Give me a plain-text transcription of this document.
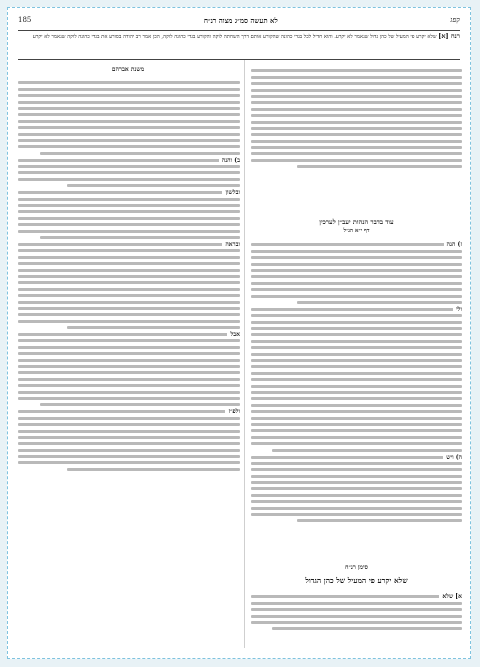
185	לא תעשה סמ״ג מצוה רנ״ח	קפג
רנח [א] שלא יקרע פי המעיל של כהן גדול שנאמר לא יקרע. והוא חדיל לכל בגדי כהונה שהקורע אותם דרך השחתה לוקה והקורע בגדי כהונה לוקה, הכן אמר רב יהודה בסורע את בגדי כהונה לוקה שנאמר לא יקרע
משנת אברהם
ב) והנה
ובלשון
ובראה
אבל
ולפ״ז
עוד בדבר הנהות יעב״ן לערכין
דף י״א הנ״ל
ז) הנה
ולי
ה) ויש
סימן רנ״ח
שלא יקרע פי המעיל של כהן הגדול
א] שלא
